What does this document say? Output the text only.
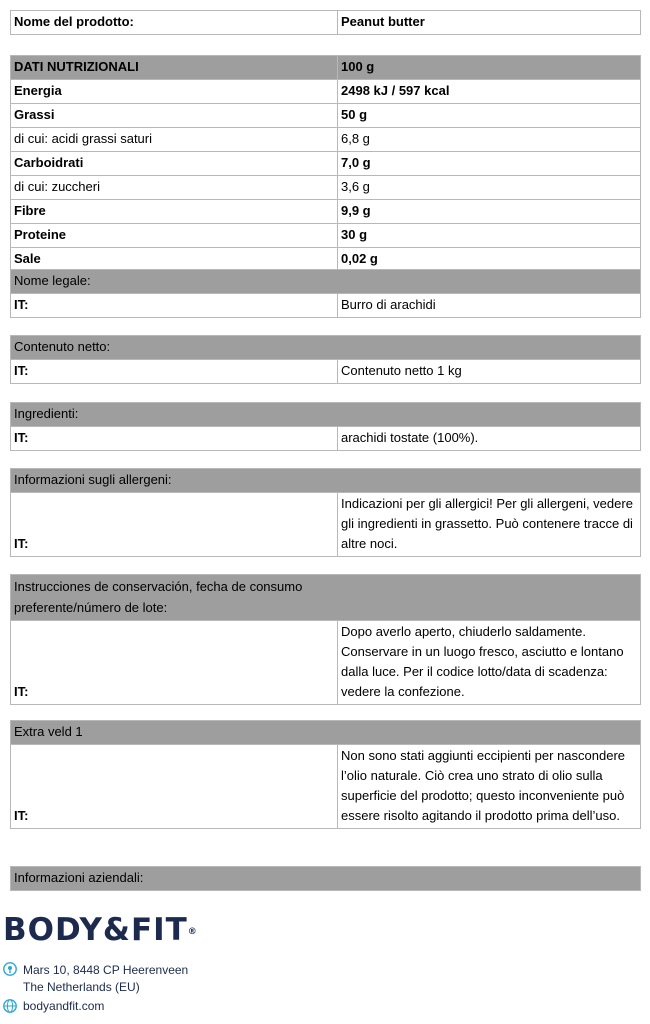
Nome del prodotto:	Peanut butter
DATI NUTRIZIONALI	100 g
Energia	2498 kJ / 597 kcal
Grassi	50 g
di cui: acidi grassi saturi	6,8 g
Carboidrati	7,0 g
di cui: zuccheri	3,6 g
Fibre	9,9 g
Proteine	30 g
Sale	0,02 g
Nome legale:
IT:	Burro di arachidi
Contenuto netto:
IT:	Contenuto netto 1 kg
Ingredienti:
IT:	arachidi tostate (100%).
Informazioni sugli allergeni:
IT:	Indicazioni per gli allergici! Per gli allergeni, vedere gli ingredienti in grassetto. Può contenere tracce di altre noci.
Instrucciones de conservación, fecha de consumo preferente/número de lote:
IT:	Dopo averlo aperto, chiuderlo saldamente. Conservare in un luogo fresco, asciutto e lontano dalla luce. Per il codice lotto/data di scadenza: vedere la confezione.
Extra veld 1
IT:	Non sono stati aggiunti eccipienti per nascondere l’olio naturale. Ciò crea uno strato di olio sulla superficie del prodotto; questo inconveniente può essere risolto agitando il prodotto prima dell’uso.
Informazioni aziendali:
BODY&FIT®
Mars 10, 8448 CP Heerenveen
The Netherlands (EU)
bodyandfit.com
